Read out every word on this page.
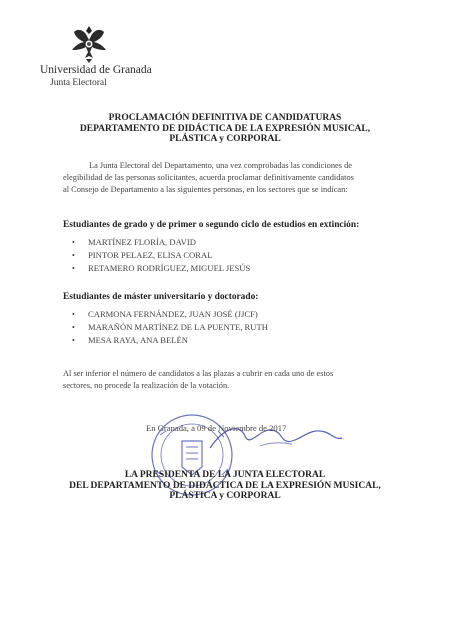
Universidad de Granada
Junta Electoral
PROCLAMACIÓN DEFINITIVA DE CANDIDATURAS
DEPARTAMENTO DE DIDÁCTICA DE LA EXPRESIÓN MUSICAL,
PLÁSTICA y CORPORAL
La Junta Electoral del Departamento, una vez comprobadas las condiciones de
elegibilidad de las personas solicitantes, acuerda proclamar definitivamente candidatos
al Consejo de Departamento a las siguientes personas, en los sectores que se indican:
Estudiantes de grado y de primer o segundo ciclo de estudios en extinción:
• MARTÍNEZ FLORÍA, DAVID
• PINTOR PELAEZ, ELISA CORAL
• RETAMERO RODRÍGUEZ, MIGUEL JESÚS
Estudiantes de máster universitario y doctorado:
• CARMONA FERNÁNDEZ, JUAN JOSÉ (JJCF)
• MARAÑÓN MARTÍNEZ DE LA PUENTE, RUTH
• MESA RAYA, ANA BELÉN
Al ser inferior el número de candidatos a las plazas a cubrir en cada uno de estos
sectores, no procede la realización de la votación.
En Granada, a 09 de Noviembre de 2017
LA PRESIDENTA DE LA JUNTA ELECTORAL
DEL DEPARTAMENTO DE DIDÁCTICA DE LA EXPRESIÓN MUSICAL,
PLÁSTICA y CORPORAL
